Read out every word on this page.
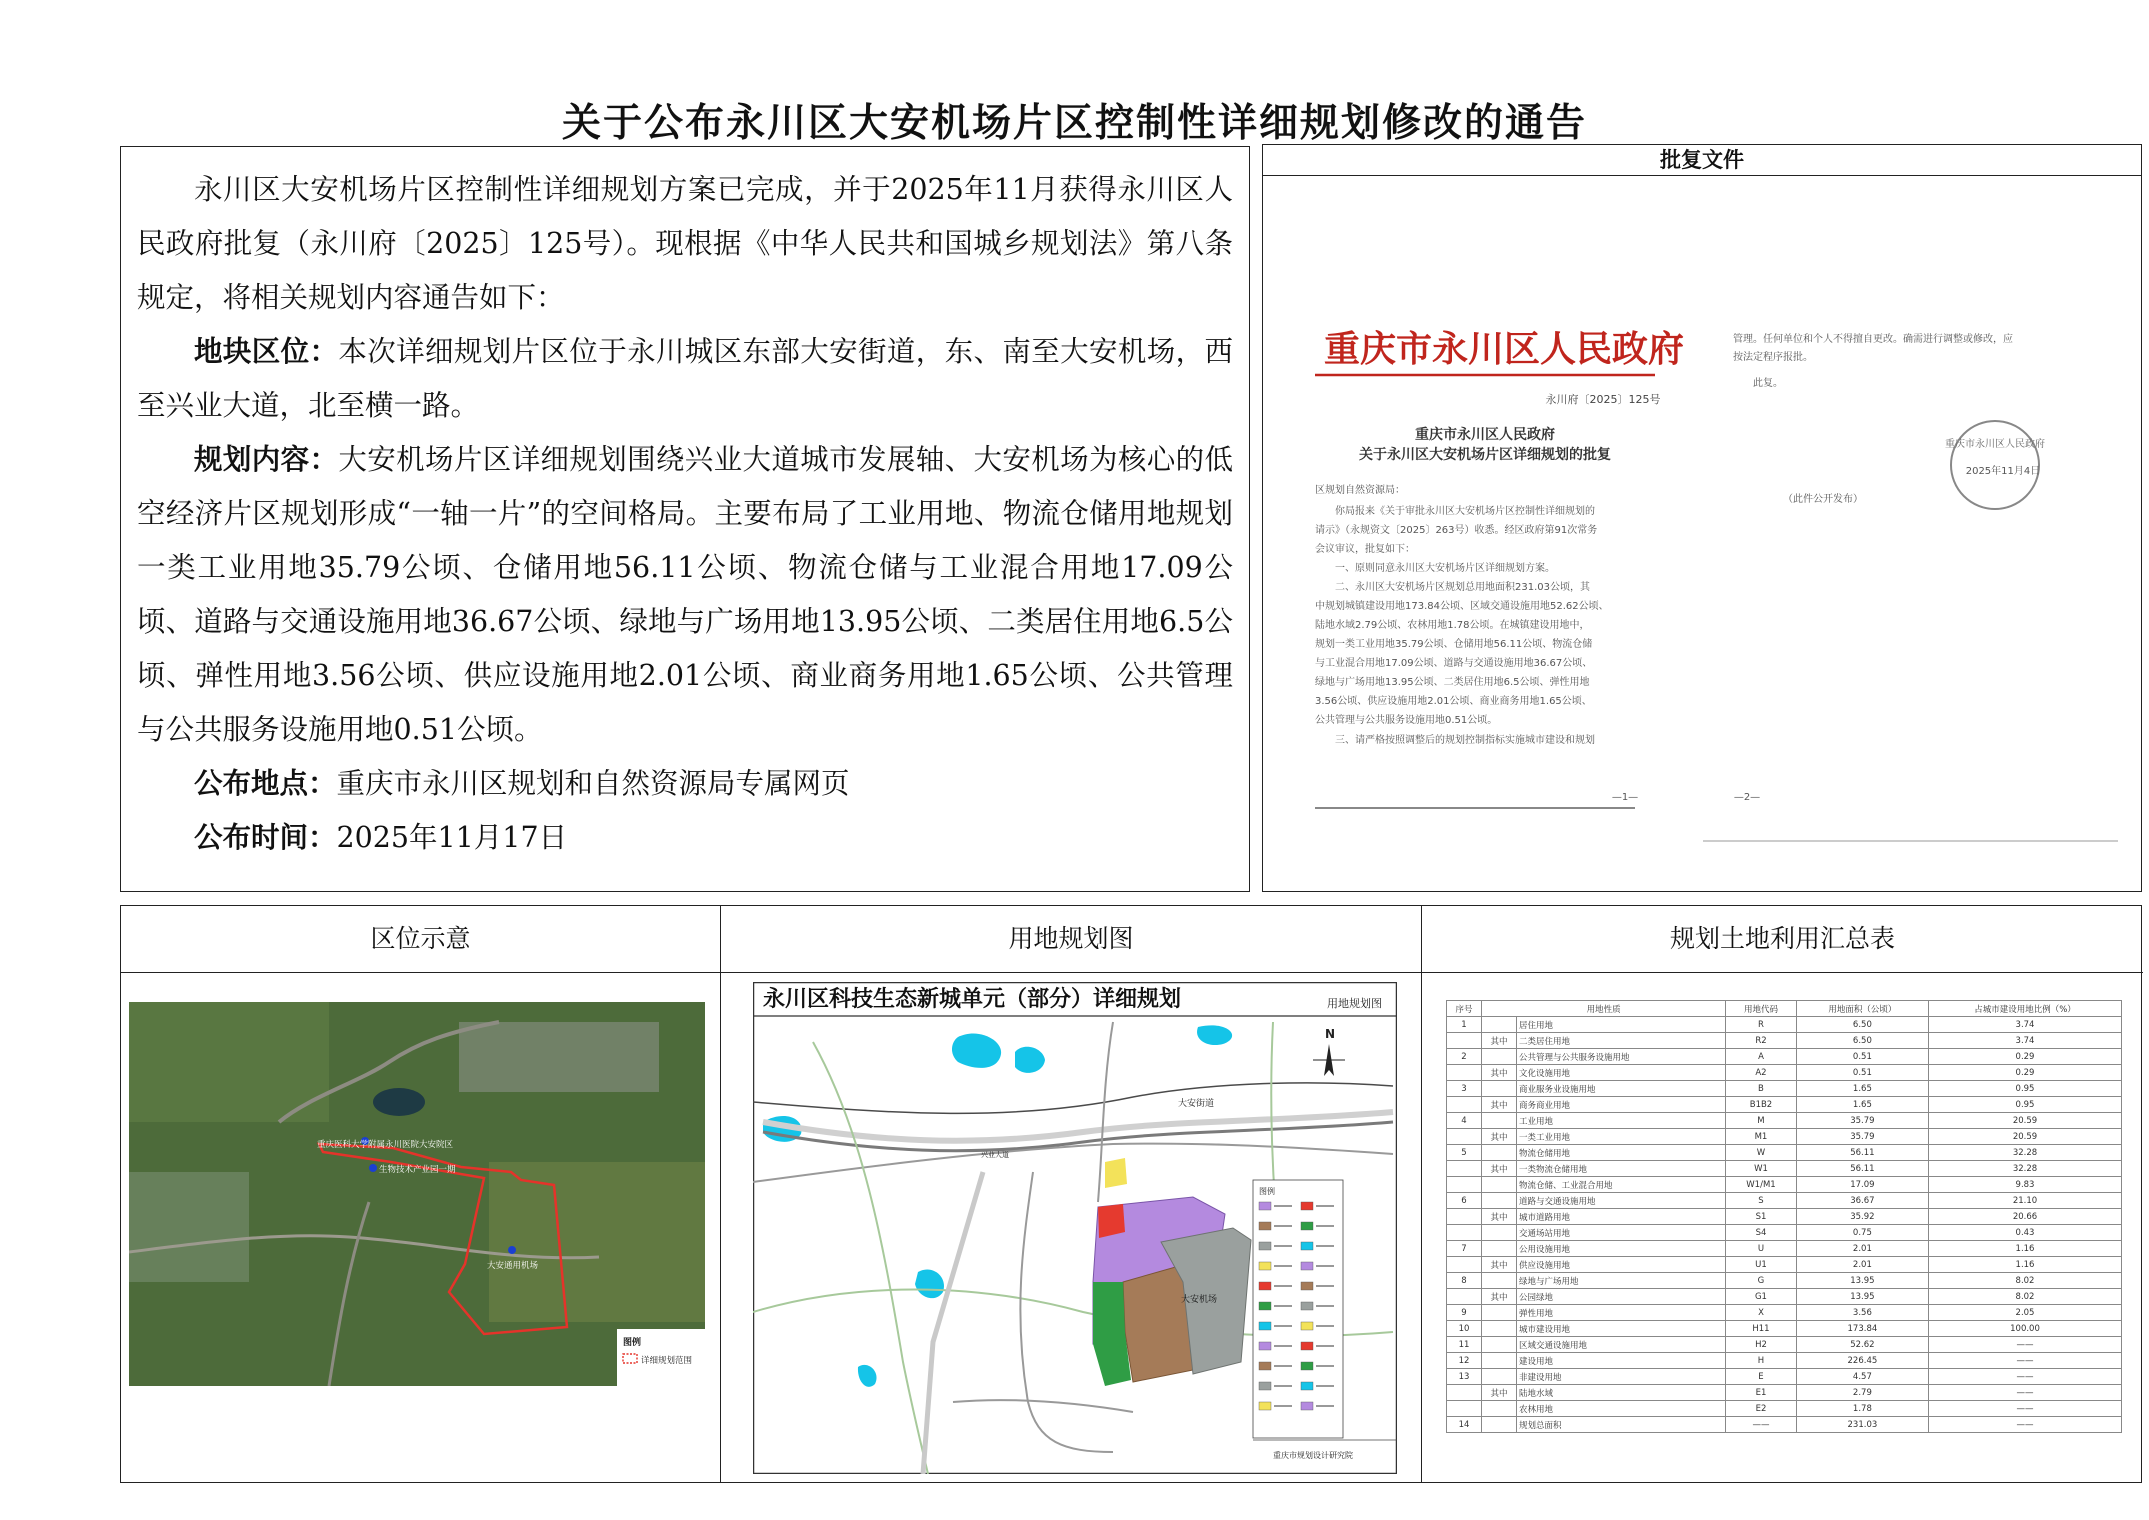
关于公布永川区大安机场片区控制性详细规划修改的通告

永川区大安机场片区控制性详细规划方案已完成，并于2025年11月获得永川区人民政府批复（永川府〔2025〕125号）。现根据《中华人民共和国城乡规划法》第八条规定，将相关规划内容通告如下：

地块区位：本次详细规划片区位于永川城区东部大安街道，东、南至大安机场，西至兴业大道，北至横一路。

规划内容：大安机场片区详细规划围绕兴业大道城市发展轴、大安机场为核心的低空经济片区规划形成“一轴一片”的空间格局。主要布局了工业用地、物流仓储用地规划一类工业用地35.79公顷、仓储用地56.11公顷、物流仓储与工业混合用地17.09公顷、道路与交通设施用地36.67公顷、绿地与广场用地13.95公顷、二类居住用地6.5公顷、弹性用地3.56公顷、供应设施用地2.01公顷、商业商务用地1.65公顷、公共管理与公共服务设施用地0.51公顷。

公布地点：重庆市永川区规划和自然资源局专属网页

公布时间：2025年11月17日

批复文件
重庆市永川区人民政府
永川府〔2025〕125号
重庆市永川区人民政府
关于永川区大安机场片区详细规划的批复
区规划自然资源局：
你局报来《关于审批永川区大安机场片区控制性详细规划的
请示》（永规资文〔2025〕263号）收悉。经区政府第91次常务
会议审议，批复如下：
一、原则同意永川区大安机场片区详细规划方案。
二、永川区大安机场片区规划总用地面积231.03公顷，其
中规划城镇建设用地173.84公顷、区域交通设施用地52.62公顷、
陆地水域2.79公顷、农林用地1.78公顷。在城镇建设用地中，
规划一类工业用地35.79公顷、仓储用地56.11公顷、物流仓储
与工业混合用地17.09公顷、道路与交通设施用地36.67公顷、
绿地与广场用地13.95公顷、二类居住用地6.5公顷、弹性用地
3.56公顷、供应设施用地2.01公顷、商业商务用地1.65公顷、
公共管理与公共服务设施用地0.51公顷。
三、请严格按照调整后的规划控制指标实施城市建设和规划
—1—
管理。任何单位和个人不得擅自更改。确需进行调整或修改，应
按法定程序报批。
此复。
重庆市永川区人民政府
2025年11月4日
（此件公开发布）
—2—
区位示意
重庆医科大学附属永川医院大安院区
生物技术产业园一期
大安通用机场
图例
详细规划范围
用地规划图
永川区科技生态新城单元（部分）详细规划	用地规划图
N
大安街道
大安机场
兴业大道
图例
重庆市规划设计研究院
规划土地利用汇总表
序号	用地性质		用地代码	用地面积（公顷）	占城市建设用地比例（%）
1		居住用地	R	6.50	3.74
	其中	二类居住用地	R2	6.50	3.74
2		公共管理与公共服务设施用地	A	0.51	0.29
	其中	文化设施用地	A2	0.51	0.29
3		商业服务业设施用地	B	1.65	0.95
	其中	商务商业用地	B1B2	1.65	0.95
4		工业用地	M	35.79	20.59
	其中	一类工业用地	M1	35.79	20.59
5		物流仓储用地	W	56.11	32.28
	其中	一类物流仓储用地	W1	56.11	32.28
		物流仓储、工业混合用地	W1/M1	17.09	9.83
6		道路与交通设施用地	S	36.67	21.10
	其中	城市道路用地	S1	35.92	20.66
		交通场站用地	S4	0.75	0.43
7		公用设施用地	U	2.01	1.16
	其中	供应设施用地	U1	2.01	1.16
8		绿地与广场用地	G	13.95	8.02
	其中	公园绿地	G1	13.95	8.02
9		弹性用地	X	3.56	2.05
10		城市建设用地	H11	173.84	100.00
11		区域交通设施用地	H2	52.62	——
12		建设用地	H	226.45	——
13		非建设用地	E	4.57	——
	其中	陆地水域	E1	2.79	——
		农林用地	E2	1.78	——
14		规划总面积	——	231.03	——
